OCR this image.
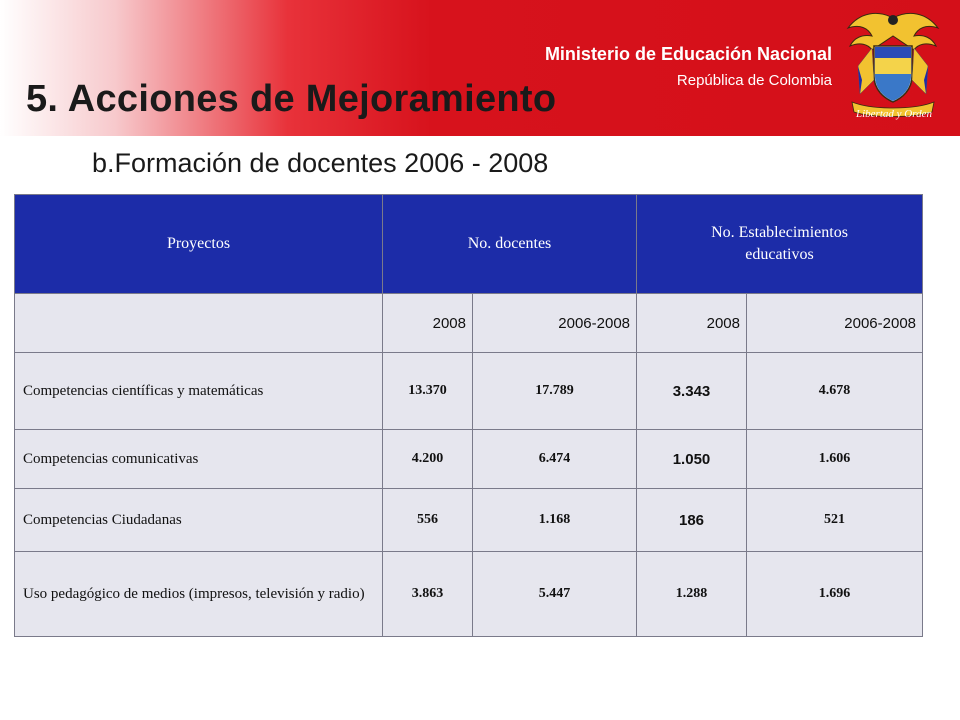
Ministerio de Educación Nacional
República de Colombia
Libertad y Orden
5. Acciones de Mejoramiento
b.Formación de docentes 2006 - 2008
Proyectos	No. docentes		No. Establecimientos educativos	

	2008	2006-2008	2008	2006-2008
Competencias científicas y matemáticas	13.370	17.789	3.343	4.678
Competencias comunicativas	4.200	6.474	1.050	1.606
Competencias Ciudadanas	556	1.168	186	521
Uso pedagógico de medios (impresos, televisión y radio)	3.863	5.447	1.288	1.696
